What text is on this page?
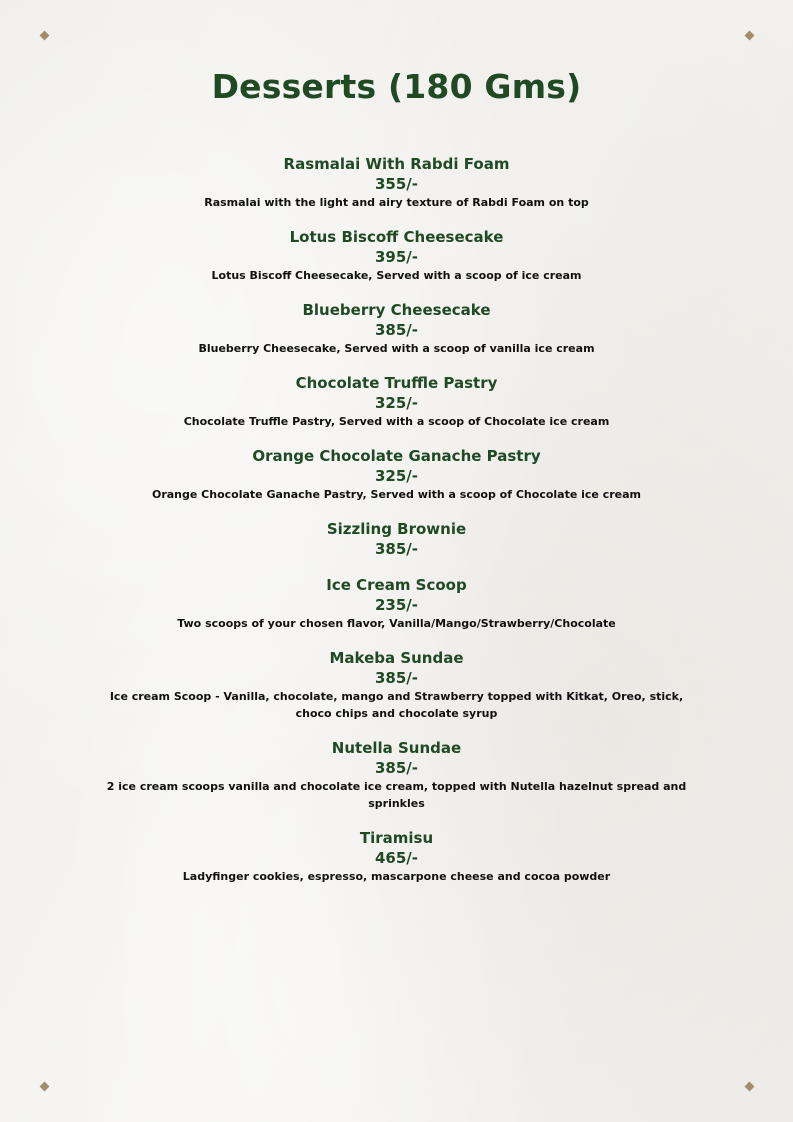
Desserts (180 Gms)
Rasmalai With Rabdi Foam
355/-
Rasmalai with the light and airy texture of Rabdi Foam on top
Lotus Biscoff Cheesecake
395/-
Lotus Biscoff Cheesecake, Served with a scoop of ice cream
Blueberry Cheesecake
385/-
Blueberry Cheesecake, Served with a scoop of vanilla ice cream
Chocolate Truffle Pastry
325/-
Chocolate Truffle Pastry, Served with a scoop of Chocolate ice cream
Orange Chocolate Ganache Pastry
325/-
Orange Chocolate Ganache Pastry, Served with a scoop of Chocolate ice cream
Sizzling Brownie
385/-
Ice Cream Scoop
235/-
Two scoops of your chosen flavor, Vanilla/Mango/Strawberry/Chocolate
Makeba Sundae
385/-
Ice cream Scoop - Vanilla, chocolate, mango and Strawberry topped with Kitkat, Oreo, stick, choco chips and chocolate syrup
Nutella Sundae
385/-
2 ice cream scoops vanilla and chocolate ice cream, topped with Nutella hazelnut spread and sprinkles
Tiramisu
465/-
Ladyfinger cookies, espresso, mascarpone cheese and cocoa powder
